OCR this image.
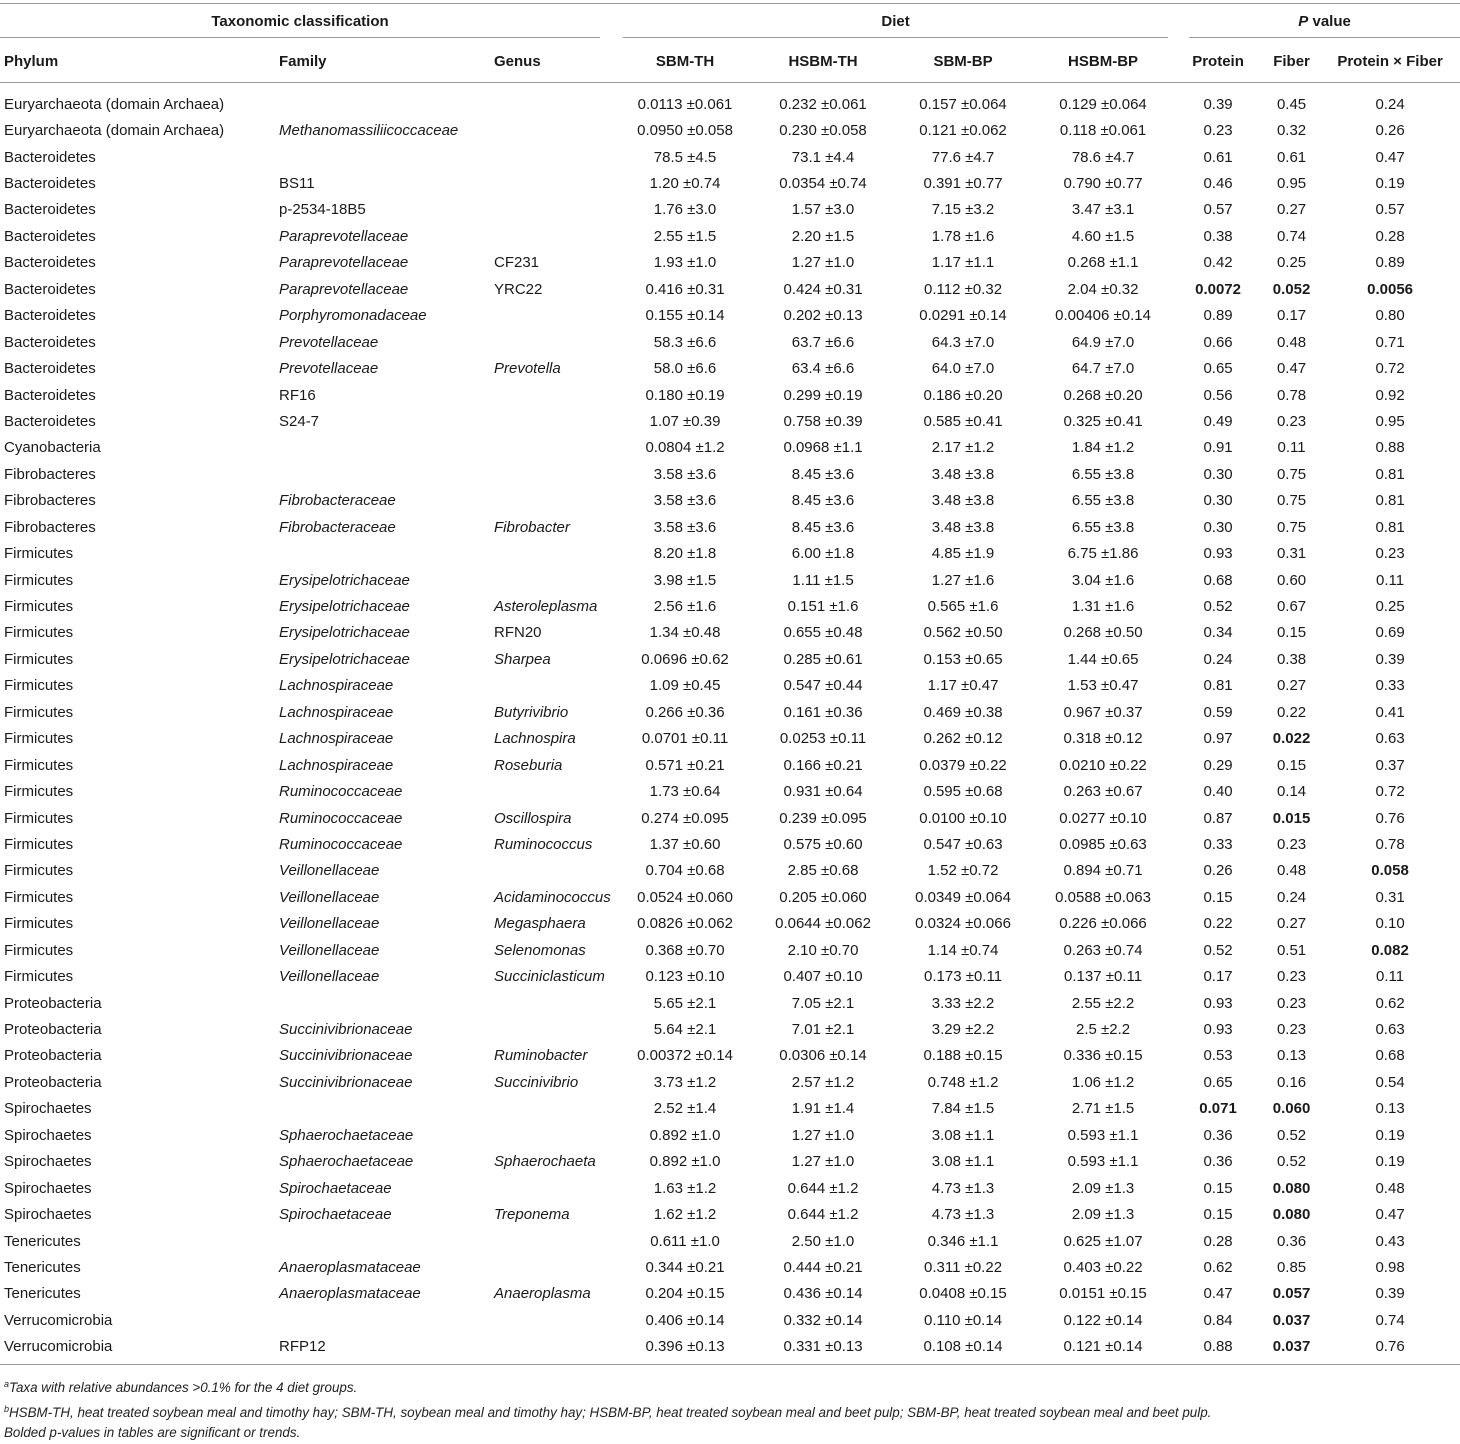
Taxonomic classification			Diet				P value		

Phylum	Family	Genus	SBM-TH	HSBM-TH	SBM-BP	HSBM-BP	Protein	Fiber	Protein × Fiber

Euryarchaeota (domain Archaea)			0.0113 ±0.061	0.232 ±0.061	0.157 ±0.064	0.129 ±0.064	0.39	0.45	0.24
Euryarchaeota (domain Archaea)	Methanomassiliicoccaceae		0.0950 ±0.058	0.230 ±0.058	0.121 ±0.062	0.118 ±0.061	0.23	0.32	0.26
Bacteroidetes			78.5 ±4.5	73.1 ±4.4	77.6 ±4.7	78.6 ±4.7	0.61	0.61	0.47
Bacteroidetes	BS11		1.20 ±0.74	0.0354 ±0.74	0.391 ±0.77	0.790 ±0.77	0.46	0.95	0.19
Bacteroidetes	p-2534-18B5		1.76 ±3.0	1.57 ±3.0	7.15 ±3.2	3.47 ±3.1	0.57	0.27	0.57
Bacteroidetes	Paraprevotellaceae		2.55 ±1.5	2.20 ±1.5	1.78 ±1.6	4.60 ±1.5	0.38	0.74	0.28
Bacteroidetes	Paraprevotellaceae	CF231	1.93 ±1.0	1.27 ±1.0	1.17 ±1.1	0.268 ±1.1	0.42	0.25	0.89
Bacteroidetes	Paraprevotellaceae	YRC22	0.416 ±0.31	0.424 ±0.31	0.112 ±0.32	2.04 ±0.32	0.0072	0.052	0.0056
Bacteroidetes	Porphyromonadaceae		0.155 ±0.14	0.202 ±0.13	0.0291 ±0.14	0.00406 ±0.14	0.89	0.17	0.80
Bacteroidetes	Prevotellaceae		58.3 ±6.6	63.7 ±6.6	64.3 ±7.0	64.9 ±7.0	0.66	0.48	0.71
Bacteroidetes	Prevotellaceae	Prevotella	58.0 ±6.6	63.4 ±6.6	64.0 ±7.0	64.7 ±7.0	0.65	0.47	0.72
Bacteroidetes	RF16		0.180 ±0.19	0.299 ±0.19	0.186 ±0.20	0.268 ±0.20	0.56	0.78	0.92
Bacteroidetes	S24-7		1.07 ±0.39	0.758 ±0.39	0.585 ±0.41	0.325 ±0.41	0.49	0.23	0.95
Cyanobacteria			0.0804 ±1.2	0.0968 ±1.1	2.17 ±1.2	1.84 ±1.2	0.91	0.11	0.88
Fibrobacteres			3.58 ±3.6	8.45 ±3.6	3.48 ±3.8	6.55 ±3.8	0.30	0.75	0.81
Fibrobacteres	Fibrobacteraceae		3.58 ±3.6	8.45 ±3.6	3.48 ±3.8	6.55 ±3.8	0.30	0.75	0.81
Fibrobacteres	Fibrobacteraceae	Fibrobacter	3.58 ±3.6	8.45 ±3.6	3.48 ±3.8	6.55 ±3.8	0.30	0.75	0.81
Firmicutes			8.20 ±1.8	6.00 ±1.8	4.85 ±1.9	6.75 ±1.86	0.93	0.31	0.23
Firmicutes	Erysipelotrichaceae		3.98 ±1.5	1.11 ±1.5	1.27 ±1.6	3.04 ±1.6	0.68	0.60	0.11
Firmicutes	Erysipelotrichaceae	Asteroleplasma	2.56 ±1.6	0.151 ±1.6	0.565 ±1.6	1.31 ±1.6	0.52	0.67	0.25
Firmicutes	Erysipelotrichaceae	RFN20	1.34 ±0.48	0.655 ±0.48	0.562 ±0.50	0.268 ±0.50	0.34	0.15	0.69
Firmicutes	Erysipelotrichaceae	Sharpea	0.0696 ±0.62	0.285 ±0.61	0.153 ±0.65	1.44 ±0.65	0.24	0.38	0.39
Firmicutes	Lachnospiraceae		1.09 ±0.45	0.547 ±0.44	1.17 ±0.47	1.53 ±0.47	0.81	0.27	0.33
Firmicutes	Lachnospiraceae	Butyrivibrio	0.266 ±0.36	0.161 ±0.36	0.469 ±0.38	0.967 ±0.37	0.59	0.22	0.41
Firmicutes	Lachnospiraceae	Lachnospira	0.0701 ±0.11	0.0253 ±0.11	0.262 ±0.12	0.318 ±0.12	0.97	0.022	0.63
Firmicutes	Lachnospiraceae	Roseburia	0.571 ±0.21	0.166 ±0.21	0.0379 ±0.22	0.0210 ±0.22	0.29	0.15	0.37
Firmicutes	Ruminococcaceae		1.73 ±0.64	0.931 ±0.64	0.595 ±0.68	0.263 ±0.67	0.40	0.14	0.72
Firmicutes	Ruminococcaceae	Oscillospira	0.274 ±0.095	0.239 ±0.095	0.0100 ±0.10	0.0277 ±0.10	0.87	0.015	0.76
Firmicutes	Ruminococcaceae	Ruminococcus	1.37 ±0.60	0.575 ±0.60	0.547 ±0.63	0.0985 ±0.63	0.33	0.23	0.78
Firmicutes	Veillonellaceae		0.704 ±0.68	2.85 ±0.68	1.52 ±0.72	0.894 ±0.71	0.26	0.48	0.058
Firmicutes	Veillonellaceae	Acidaminococcus	0.0524 ±0.060	0.205 ±0.060	0.0349 ±0.064	0.0588 ±0.063	0.15	0.24	0.31
Firmicutes	Veillonellaceae	Megasphaera	0.0826 ±0.062	0.0644 ±0.062	0.0324 ±0.066	0.226 ±0.066	0.22	0.27	0.10
Firmicutes	Veillonellaceae	Selenomonas	0.368 ±0.70	2.10 ±0.70	1.14 ±0.74	0.263 ±0.74	0.52	0.51	0.082
Firmicutes	Veillonellaceae	Succiniclasticum	0.123 ±0.10	0.407 ±0.10	0.173 ±0.11	0.137 ±0.11	0.17	0.23	0.11
Proteobacteria			5.65 ±2.1	7.05 ±2.1	3.33 ±2.2	2.55 ±2.2	0.93	0.23	0.62
Proteobacteria	Succinivibrionaceae		5.64 ±2.1	7.01 ±2.1	3.29 ±2.2	2.5 ±2.2	0.93	0.23	0.63
Proteobacteria	Succinivibrionaceae	Ruminobacter	0.00372 ±0.14	0.0306 ±0.14	0.188 ±0.15	0.336 ±0.15	0.53	0.13	0.68
Proteobacteria	Succinivibrionaceae	Succinivibrio	3.73 ±1.2	2.57 ±1.2	0.748 ±1.2	1.06 ±1.2	0.65	0.16	0.54
Spirochaetes			2.52 ±1.4	1.91 ±1.4	7.84 ±1.5	2.71 ±1.5	0.071	0.060	0.13
Spirochaetes	Sphaerochaetaceae		0.892 ±1.0	1.27 ±1.0	3.08 ±1.1	0.593 ±1.1	0.36	0.52	0.19
Spirochaetes	Sphaerochaetaceae	Sphaerochaeta	0.892 ±1.0	1.27 ±1.0	3.08 ±1.1	0.593 ±1.1	0.36	0.52	0.19
Spirochaetes	Spirochaetaceae		1.63 ±1.2	0.644 ±1.2	4.73 ±1.3	2.09 ±1.3	0.15	0.080	0.48
Spirochaetes	Spirochaetaceae	Treponema	1.62 ±1.2	0.644 ±1.2	4.73 ±1.3	2.09 ±1.3	0.15	0.080	0.47
Tenericutes			0.611 ±1.0	2.50 ±1.0	0.346 ±1.1	0.625 ±1.07	0.28	0.36	0.43
Tenericutes	Anaeroplasmataceae		0.344 ±0.21	0.444 ±0.21	0.311 ±0.22	0.403 ±0.22	0.62	0.85	0.98
Tenericutes	Anaeroplasmataceae	Anaeroplasma	0.204 ±0.15	0.436 ±0.14	0.0408 ±0.15	0.0151 ±0.15	0.47	0.057	0.39
Verrucomicrobia			0.406 ±0.14	0.332 ±0.14	0.110 ±0.14	0.122 ±0.14	0.84	0.037	0.74
Verrucomicrobia	RFP12		0.396 ±0.13	0.331 ±0.13	0.108 ±0.14	0.121 ±0.14	0.88	0.037	0.76
$^a$Taxa with relative abundances >0.1% for the 4 diet groups.
$^b$HSBM-TH, heat treated soybean meal and timothy hay; SBM-TH, soybean meal and timothy hay; HSBM-BP, heat treated soybean meal and beet pulp; SBM-BP, heat treated soybean meal and beet pulp.
Bolded p-values in tables are significant or trends.
